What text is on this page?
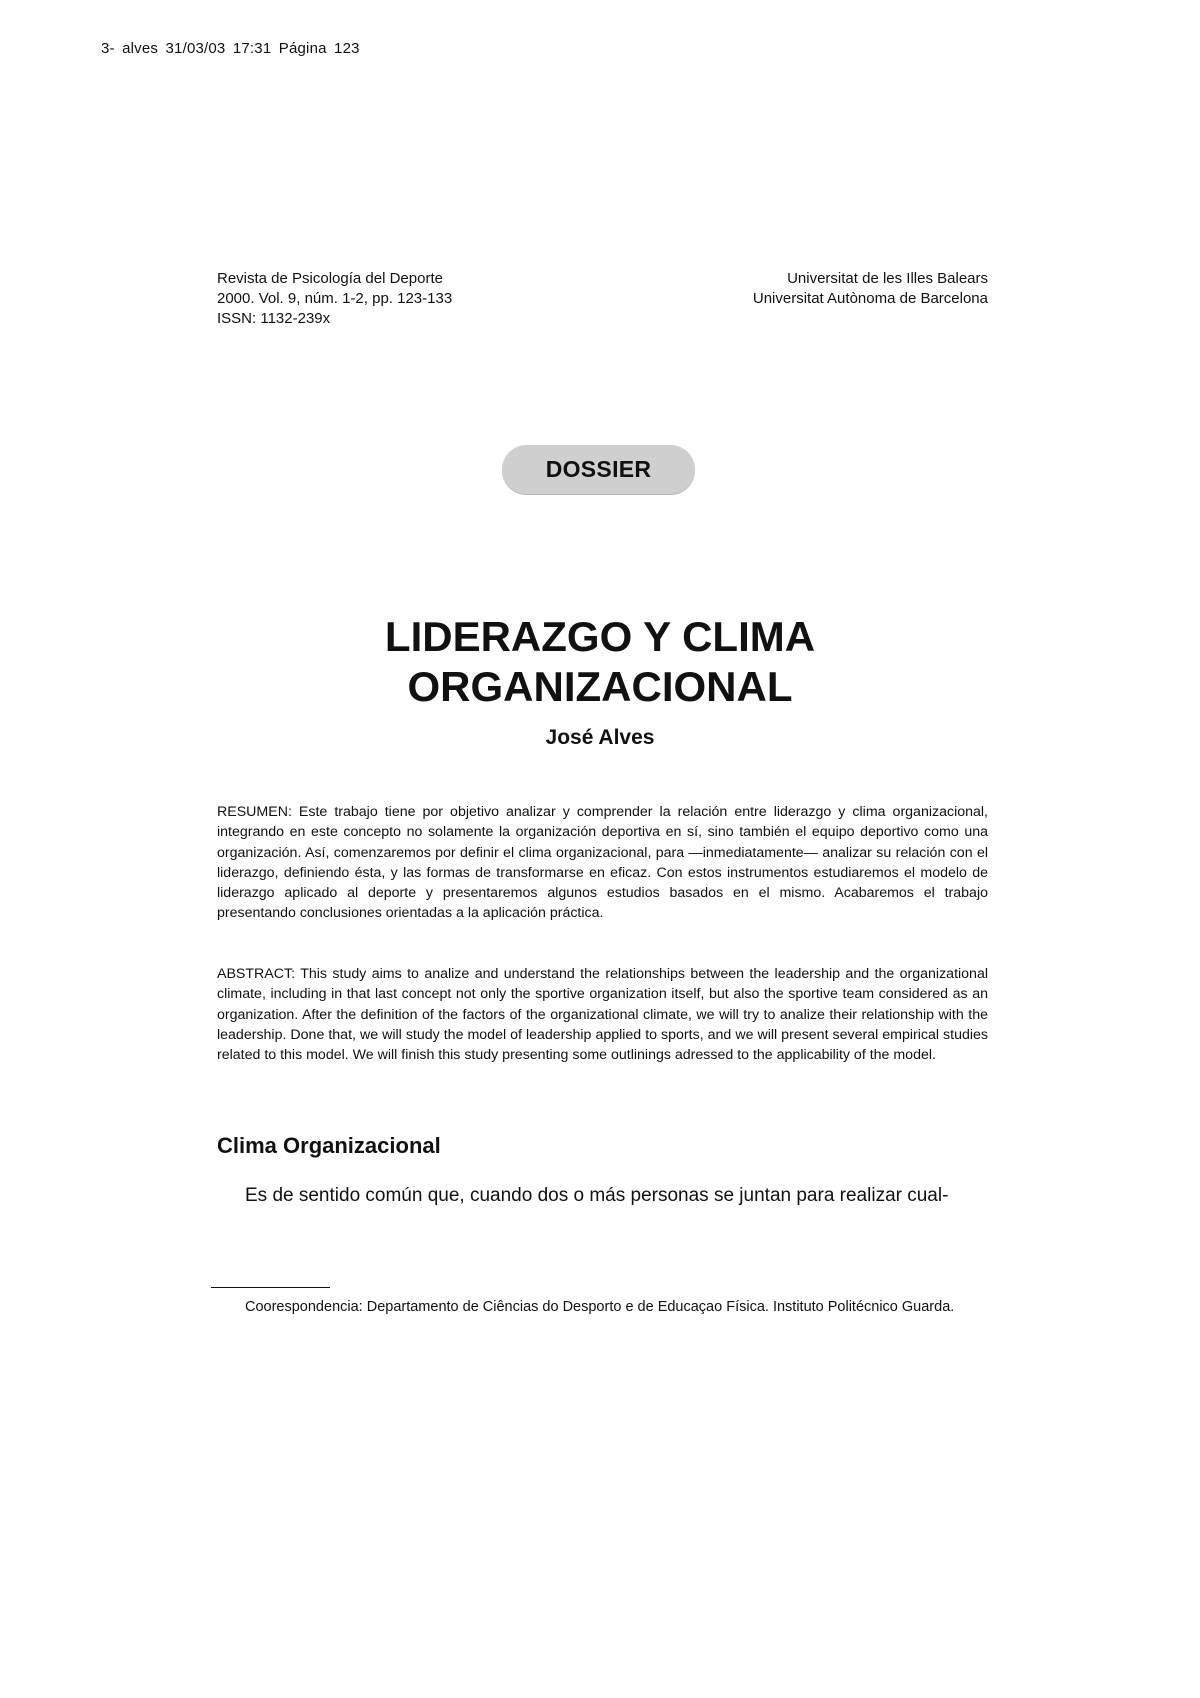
3- alves 31/03/03 17:31 Página 123
Revista de Psicología del Deporte
2000. Vol. 9, núm. 1-2, pp. 123-133
ISSN: 1132-239x
Universitat de les Illes Balears
Universitat Autònoma de Barcelona
DOSSIER
LIDERAZGO Y CLIMA
ORGANIZACIONAL
José Alves
RESUMEN: Este trabajo tiene por objetivo analizar y comprender la relación entre liderazgo y clima organizacional, integrando en este concepto no solamente la organización deportiva en sí, sino también el equipo deportivo como una organización. Así, comenzaremos por definir el clima organizacional, para —inmediatamente— analizar su relación con el liderazgo, definiendo ésta, y las formas de transformarse en eficaz. Con estos instrumentos estudiaremos el modelo de liderazgo aplicado al deporte y presentaremos algunos estudios basados en el mismo. Acabaremos el trabajo presentando conclusiones orientadas a la aplicación práctica.
ABSTRACT: This study aims to analize and understand the relationships between the leadership and the organizational climate, including in that last concept not only the sportive organization itself, but also the sportive team considered as an organization. After the definition of the factors of the organizational climate, we will try to analize their relationship with the leadership. Done that, we will study the model of leadership applied to sports, and we will present several empirical studies related to this model. We will finish this study presenting some outlinings adressed to the applicability of the model.
Clima Organizacional
Es de sentido común que, cuando dos o más personas se juntan para realizar cual-
Coorespondencia: Departamento de Ciências do Desporto e de Educaçao Física. Instituto Politécnico Guarda.
